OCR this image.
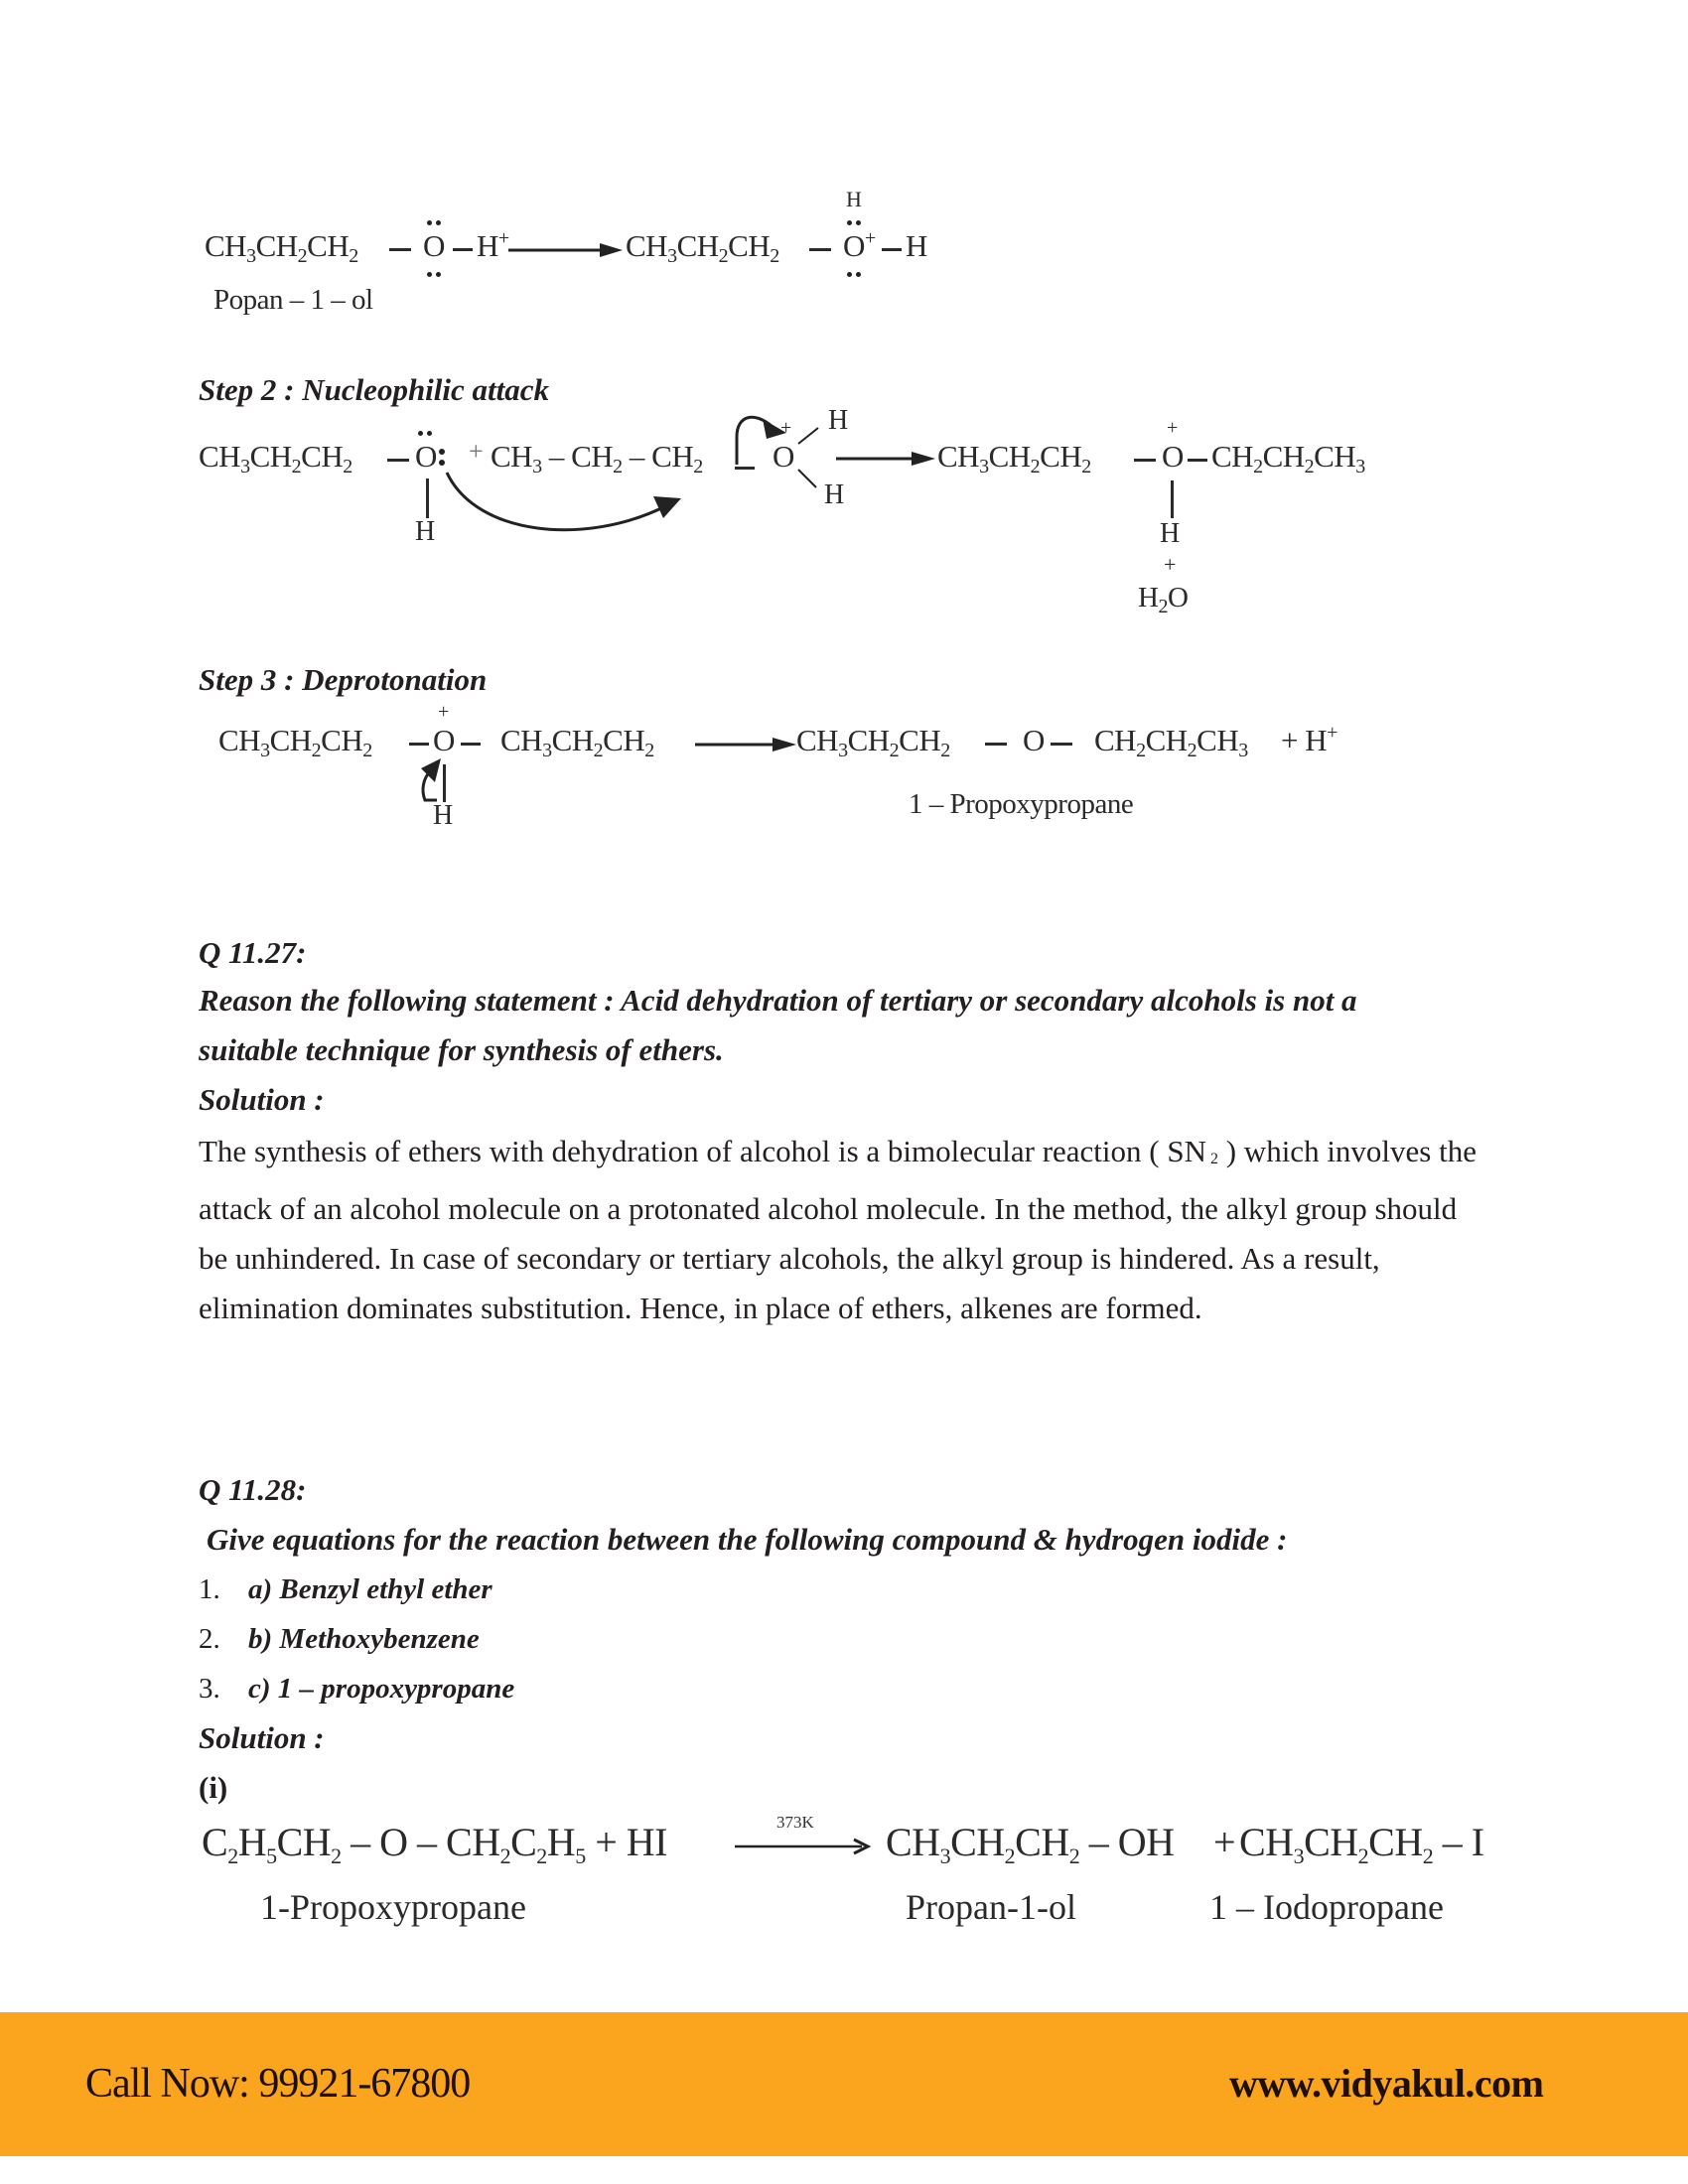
$CH_3CH_2CH_2$ O H+	$CH_3CH_2CH_2$
H
O+ H
Popan – 1 – ol
Step 2 : Nucleophilic attack
$CH_3CH_2CH_2$ O
H
+ $CH_3 - CH_2 - CH_2$
+
O
H
H
$CH_3CH_2CH_2$
+
O $CH_2CH_2CH_3$
H
+
$H_2O$
Step 3 : Deprotonation
$CH_3CH_2CH_2$
+
O $CH_3CH_2CH_2$
H
$CH_3CH_2CH_2$ O $CH_2CH_2CH_3 + H^+$
1 – Propoxypropane
Q 11.27:
Reason the following statement : Acid dehydration of tertiary or secondary alcohols is not a
suitable technique for synthesis of ethers.
Solution :
The synthesis of ethers with dehydration of alcohol is a bimolecular reaction ( SN $_2$ ) which involves the attack of an alcohol molecule on a protonated alcohol molecule. In the method, the alkyl group should be unhindered. In case of secondary or tertiary alcohols, the alkyl group is hindered. As a result, elimination dominates substitution. Hence, in place of ethers, alkenes are formed.
Q 11.28:
Give equations for the reaction between the following compound & hydrogen iodide :
1. a) Benzyl ethyl ether
2. b) Methoxybenzene
3. c) 1 – propoxypropane
Solution :
(i)
$C_2H_5CH_2$ – O – $CH_2C_2H_5$ + HI	373K $CH_3CH_2CH_2$ – OH + $CH_3CH_2CH_2$ – I
1-Propoxypropane	Propan-1-ol	1 – Iodopropane
Call Now: 99921-67800	www.vidyakul.com
